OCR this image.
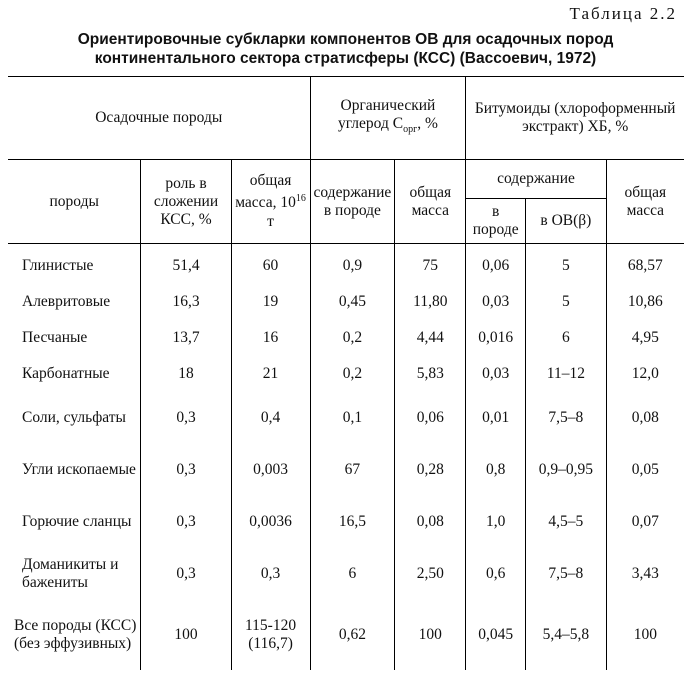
Таблица 2.2
Ориентировочные субкларки компонентов ОВ для осадочных пород
континентального сектора стратисферы (КСС) (Вассоевич, 1972)
Осадочные породы			Органический углерод $C_{орг}$, %		Битумоиды (хлороформенный экстракт) ХБ, %		
породы	роль в сложении КСС, %	общая масса, $10^{16}$ т	содержание в породе	общая масса	содержание		общая масса
					в породе	в ОВ(β)	
Глинистые	51,4	60	0,9	75	0,06	5	68,57
Алевритовые	16,3	19	0,45	11,80	0,03	5	10,86
Песчаные	13,7	16	0,2	4,44	0,016	6	4,95
Карбонатные	18	21	0,2	5,83	0,03	11–12	12,0
Соли, сульфаты	0,3	0,4	0,1	0,06	0,01	7,5–8	0,08
Угли ископаемые	0,3	0,003	67	0,28	0,8	0,9–0,95	0,05
Горючие сланцы	0,3	0,0036	16,5	0,08	1,0	4,5–5	0,07
Доманикиты и бажениты	0,3	0,3	6	2,50	0,6	7,5–8	3,43
Все породы (КСС) (без эффузивных)	100	115-120 (116,7)	0,62	100	0,045	5,4–5,8	100
